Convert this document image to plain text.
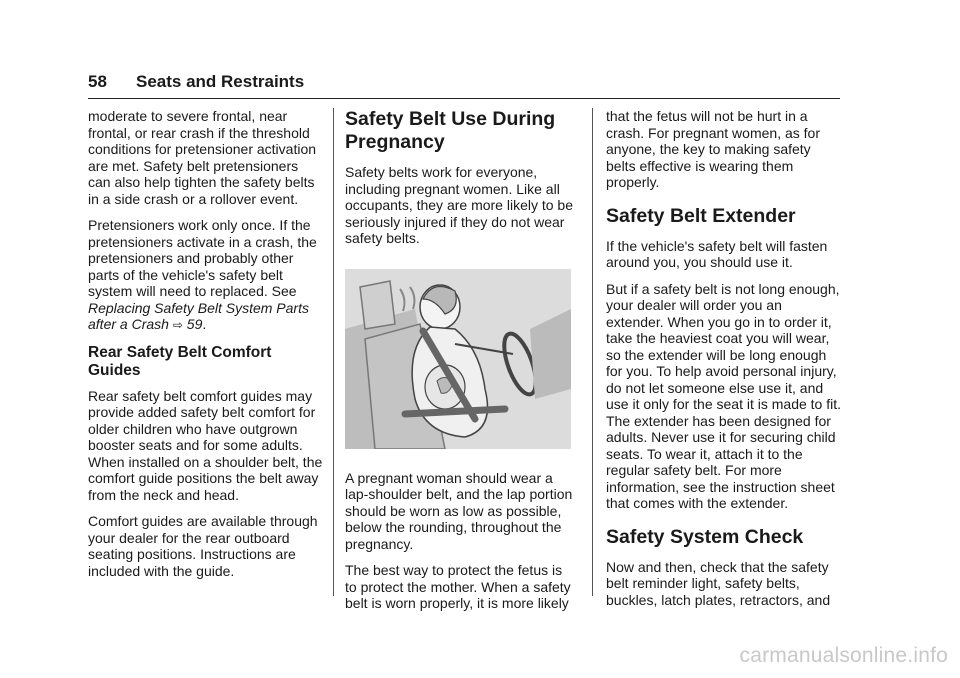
58 Seats and Restraints

moderate to severe frontal, near frontal, or rear crash if the threshold conditions for pretensioner activation are met. Safety belt pretensioners can also help tighten the safety belts in a side crash or a rollover event.

Pretensioners work only once. If the pretensioners activate in a crash, the pretensioners and probably other parts of the vehicle's safety belt system will need to replaced. See Replacing Safety Belt System Parts after a Crash ⇨ 59.

Rear Safety Belt Comfort Guides

Rear safety belt comfort guides may provide added safety belt comfort for older children who have outgrown booster seats and for some adults. When installed on a shoulder belt, the comfort guide positions the belt away from the neck and head.

Comfort guides are available through your dealer for the rear outboard seating positions. Instructions are included with the guide.

Safety Belt Use During Pregnancy

Safety belts work for everyone, including pregnant women. Like all occupants, they are more likely to be seriously injured if they do not wear safety belts.

A pregnant woman should wear a lap-shoulder belt, and the lap portion should be worn as low as possible, below the rounding, throughout the pregnancy.

The best way to protect the fetus is to protect the mother. When a safety belt is worn properly, it is more likely

that the fetus will not be hurt in a crash. For pregnant women, as for anyone, the key to making safety belts effective is wearing them properly.

Safety Belt Extender

If the vehicle's safety belt will fasten around you, you should use it.

But if a safety belt is not long enough, your dealer will order you an extender. When you go in to order it, take the heaviest coat you will wear, so the extender will be long enough for you. To help avoid personal injury, do not let someone else use it, and use it only for the seat it is made to fit. The extender has been designed for adults. Never use it for securing child seats. To wear it, attach it to the regular safety belt. For more information, see the instruction sheet that comes with the extender.

Safety System Check

Now and then, check that the safety belt reminder light, safety belts, buckles, latch plates, retractors, and

carmanualsonline.info
